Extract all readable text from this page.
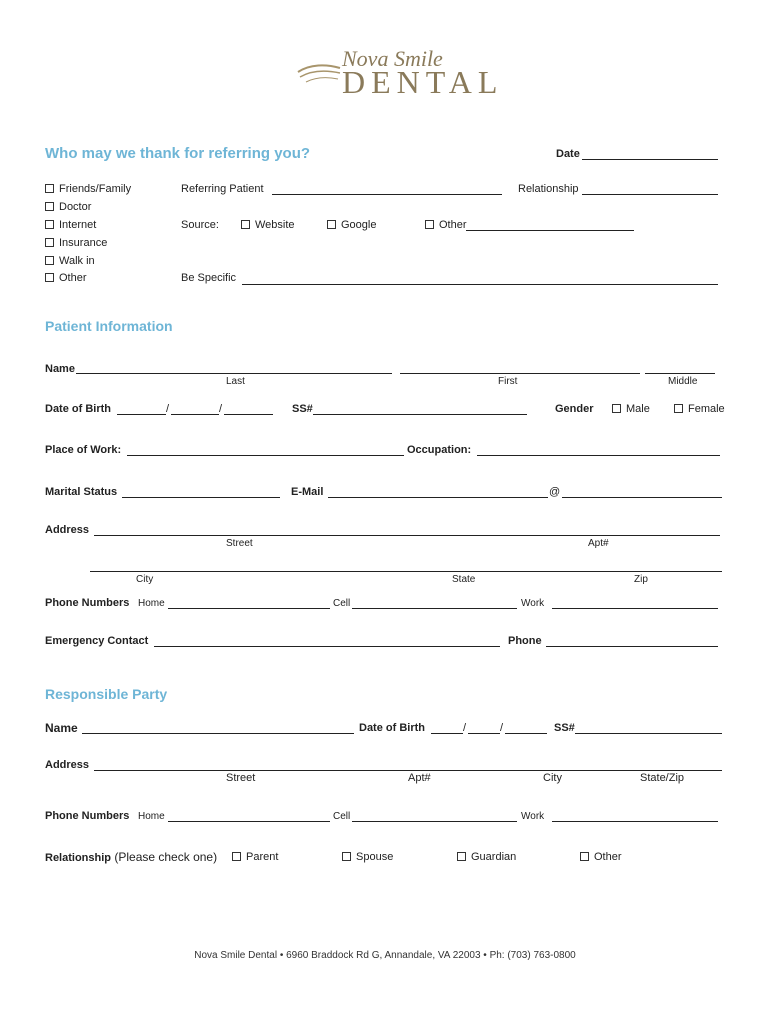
Nova Smile
DENTAL
Who may we thank for referring you?	Date
Friends/Family
Doctor
Internet
Insurance
Walk in
Other
Referring Patient	Relationship
Source:	Website	Google	Other
Be Specific
Patient Information
Name
Last	First	Middle
Date of Birth	/	/	SS#	Gender	Male	Female
Place of Work:	Occupation:
Marital Status	E-Mail	@
Address
Street	Apt#
City	State	Zip
Phone Numbers Home	Cell	Work
Emergency Contact	Phone
Responsible Party
Name	Date of Birth	/	/	SS#
Address
Street	Apt#	City	State/Zip
Phone Numbers Home	Cell	Work
Relationship (Please check one)	Parent	Spouse	Guardian	Other
Nova Smile Dental • 6960 Braddock Rd G, Annandale, VA 22003 • Ph: (703) 763-0800
